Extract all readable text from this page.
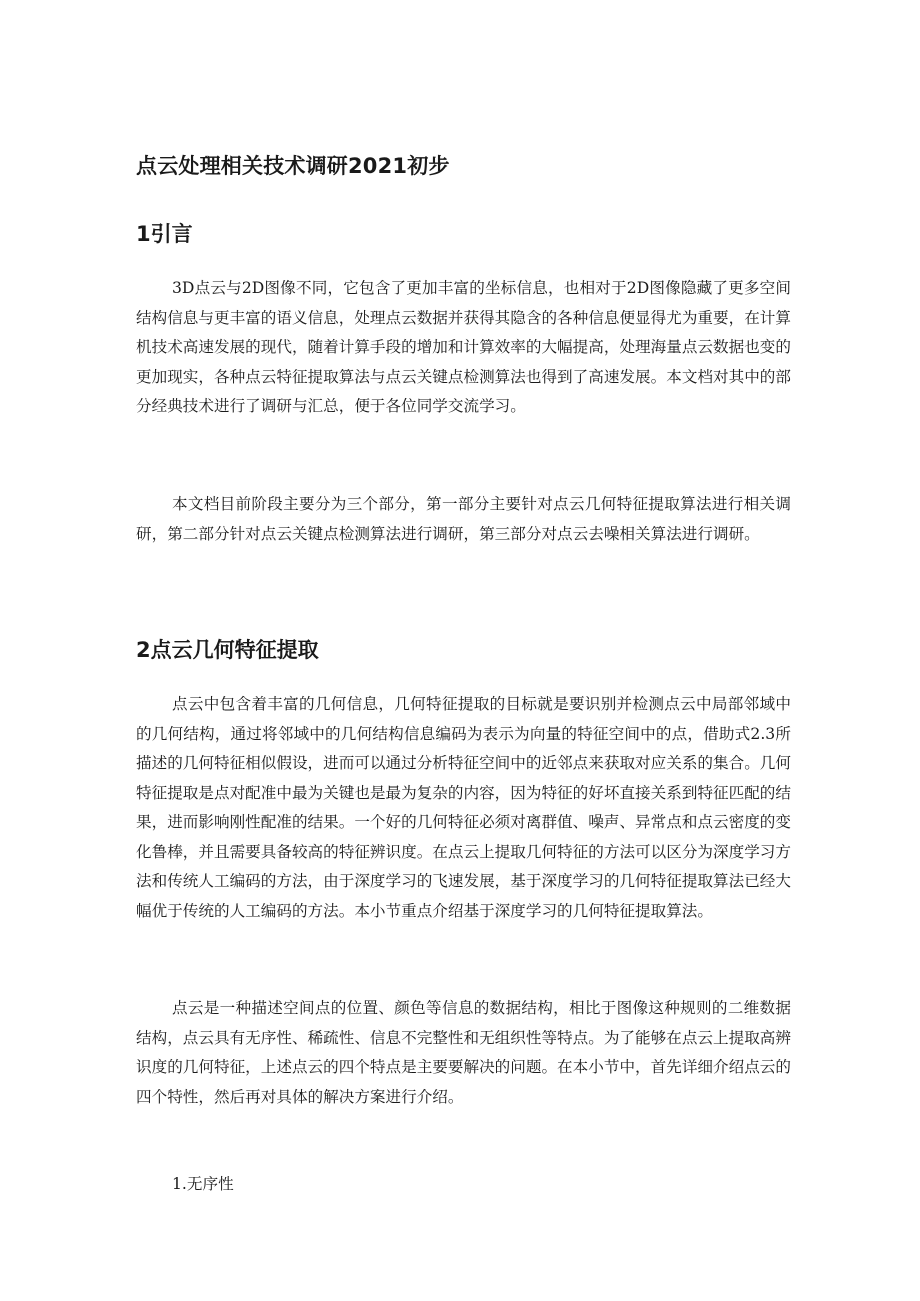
点云处理相关技术调研2021初步
1引言

3D点云与2D图像不同，它包含了更加丰富的坐标信息，也相对于2D图像隐藏了更多空间结构信息与更丰富的语义信息，处理点云数据并获得其隐含的各种信息便显得尤为重要，在计算机技术高速发展的现代，随着计算手段的增加和计算效率的大幅提高，处理海量点云数据也变的更加现实，各种点云特征提取算法与点云关键点检测算法也得到了高速发展。本文档对其中的部分经典技术进行了调研与汇总，便于各位同学交流学习。

本文档目前阶段主要分为三个部分，第一部分主要针对点云几何特征提取算法进行相关调研，第二部分针对点云关键点检测算法进行调研，第三部分对点云去噪相关算法进行调研。

2点云几何特征提取

点云中包含着丰富的几何信息，几何特征提取的目标就是要识别并检测点云中局部邻域中的几何结构，通过将邻域中的几何结构信息编码为表示为向量的特征空间中的点，借助式2.3所描述的几何特征相似假设，进而可以通过分析特征空间中的近邻点来获取对应关系的集合。几何特征提取是点对配准中最为关键也是最为复杂的内容，因为特征的好坏直接关系到特征匹配的结果，进而影响刚性配准的结果。一个好的几何特征必须对离群值、噪声、异常点和点云密度的变化鲁棒，并且需要具备较高的特征辨识度。在点云上提取几何特征的方法可以区分为深度学习方法和传统人工编码的方法，由于深度学习的飞速发展，基于深度学习的几何特征提取算法已经大幅优于传统的人工编码的方法。本小节重点介绍基于深度学习的几何特征提取算法。

点云是一种描述空间点的位置、颜色等信息的数据结构，相比于图像这种规则的二维数据结构，点云具有无序性、稀疏性、信息不完整性和无组织性等特点。为了能够在点云上提取高辨识度的几何特征，上述点云的四个特点是主要要解决的问题。在本小节中，首先详细介绍点云的四个特性，然后再对具体的解决方案进行介绍。

1.无序性
